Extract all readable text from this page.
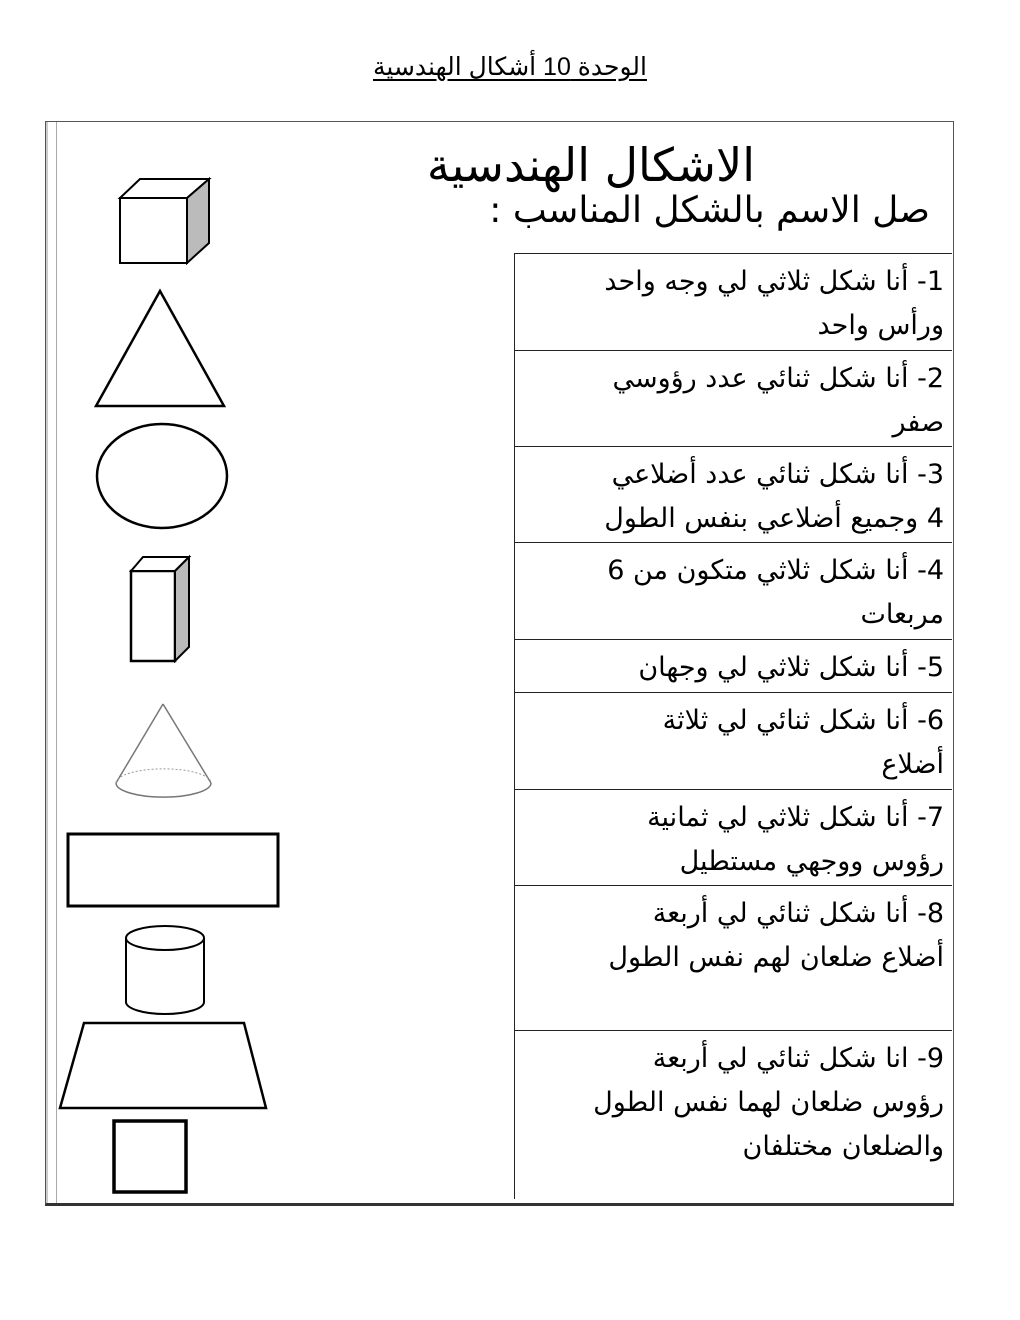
الوحدة 10 أشكال الهندسية
الاشكال الهندسية
صل الاسم بالشكل المناسب :
1- أنا شكل ثلاثي لي وجه واحد
ورأس واحد
2- أنا شكل ثنائي عدد رؤوسي
صفر
3- أنا شكل ثنائي عدد أضلاعي
4 وجميع أضلاعي بنفس الطول
4- أنا شكل ثلاثي متكون من 6
مربعات
5- أنا شكل ثلاثي لي وجهان
6- أنا شكل ثنائي لي ثلاثة
أضلاع
7- أنا شكل ثلاثي لي ثمانية
رؤوس ووجهي مستطيل
8- أنا شكل ثنائي لي أربعة
أضلاع ضلعان لهم نفس الطول
9- انا شكل ثنائي لي أربعة
رؤوس ضلعان لهما نفس الطول
والضلعان مختلفان
